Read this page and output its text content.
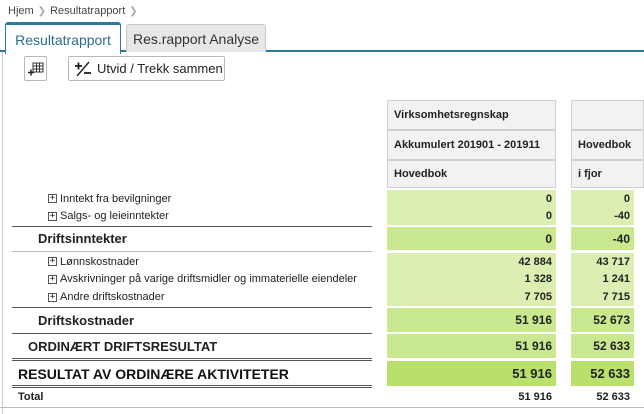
Hjem ❯ Resultatrapport ❯
Resultatrapport	Res.rapport Analyse
Utvid / Trekk sammen
Virksomhetsregnskap
Akkumulert 201901 - 201911	Hovedbok
Hovedbok	i fjor
+ Inntekt fra bevilgninger	0	0
+ Salgs- og leieinntekter	0	-40
Driftsinntekter	0	-40
+ Lønnskostnader	42 884	43 717
+ Avskrivninger på varige driftsmidler og immaterielle eiendeler	1 328	1 241
+ Andre driftskostnader	7 705	7 715
Driftskostnader	51 916	52 673
ORDINÆRT DRIFTSRESULTAT	51 916	52 633
RESULTAT AV ORDINÆRE AKTIVITETER	51 916	52 633
Total	51 916	52 633
